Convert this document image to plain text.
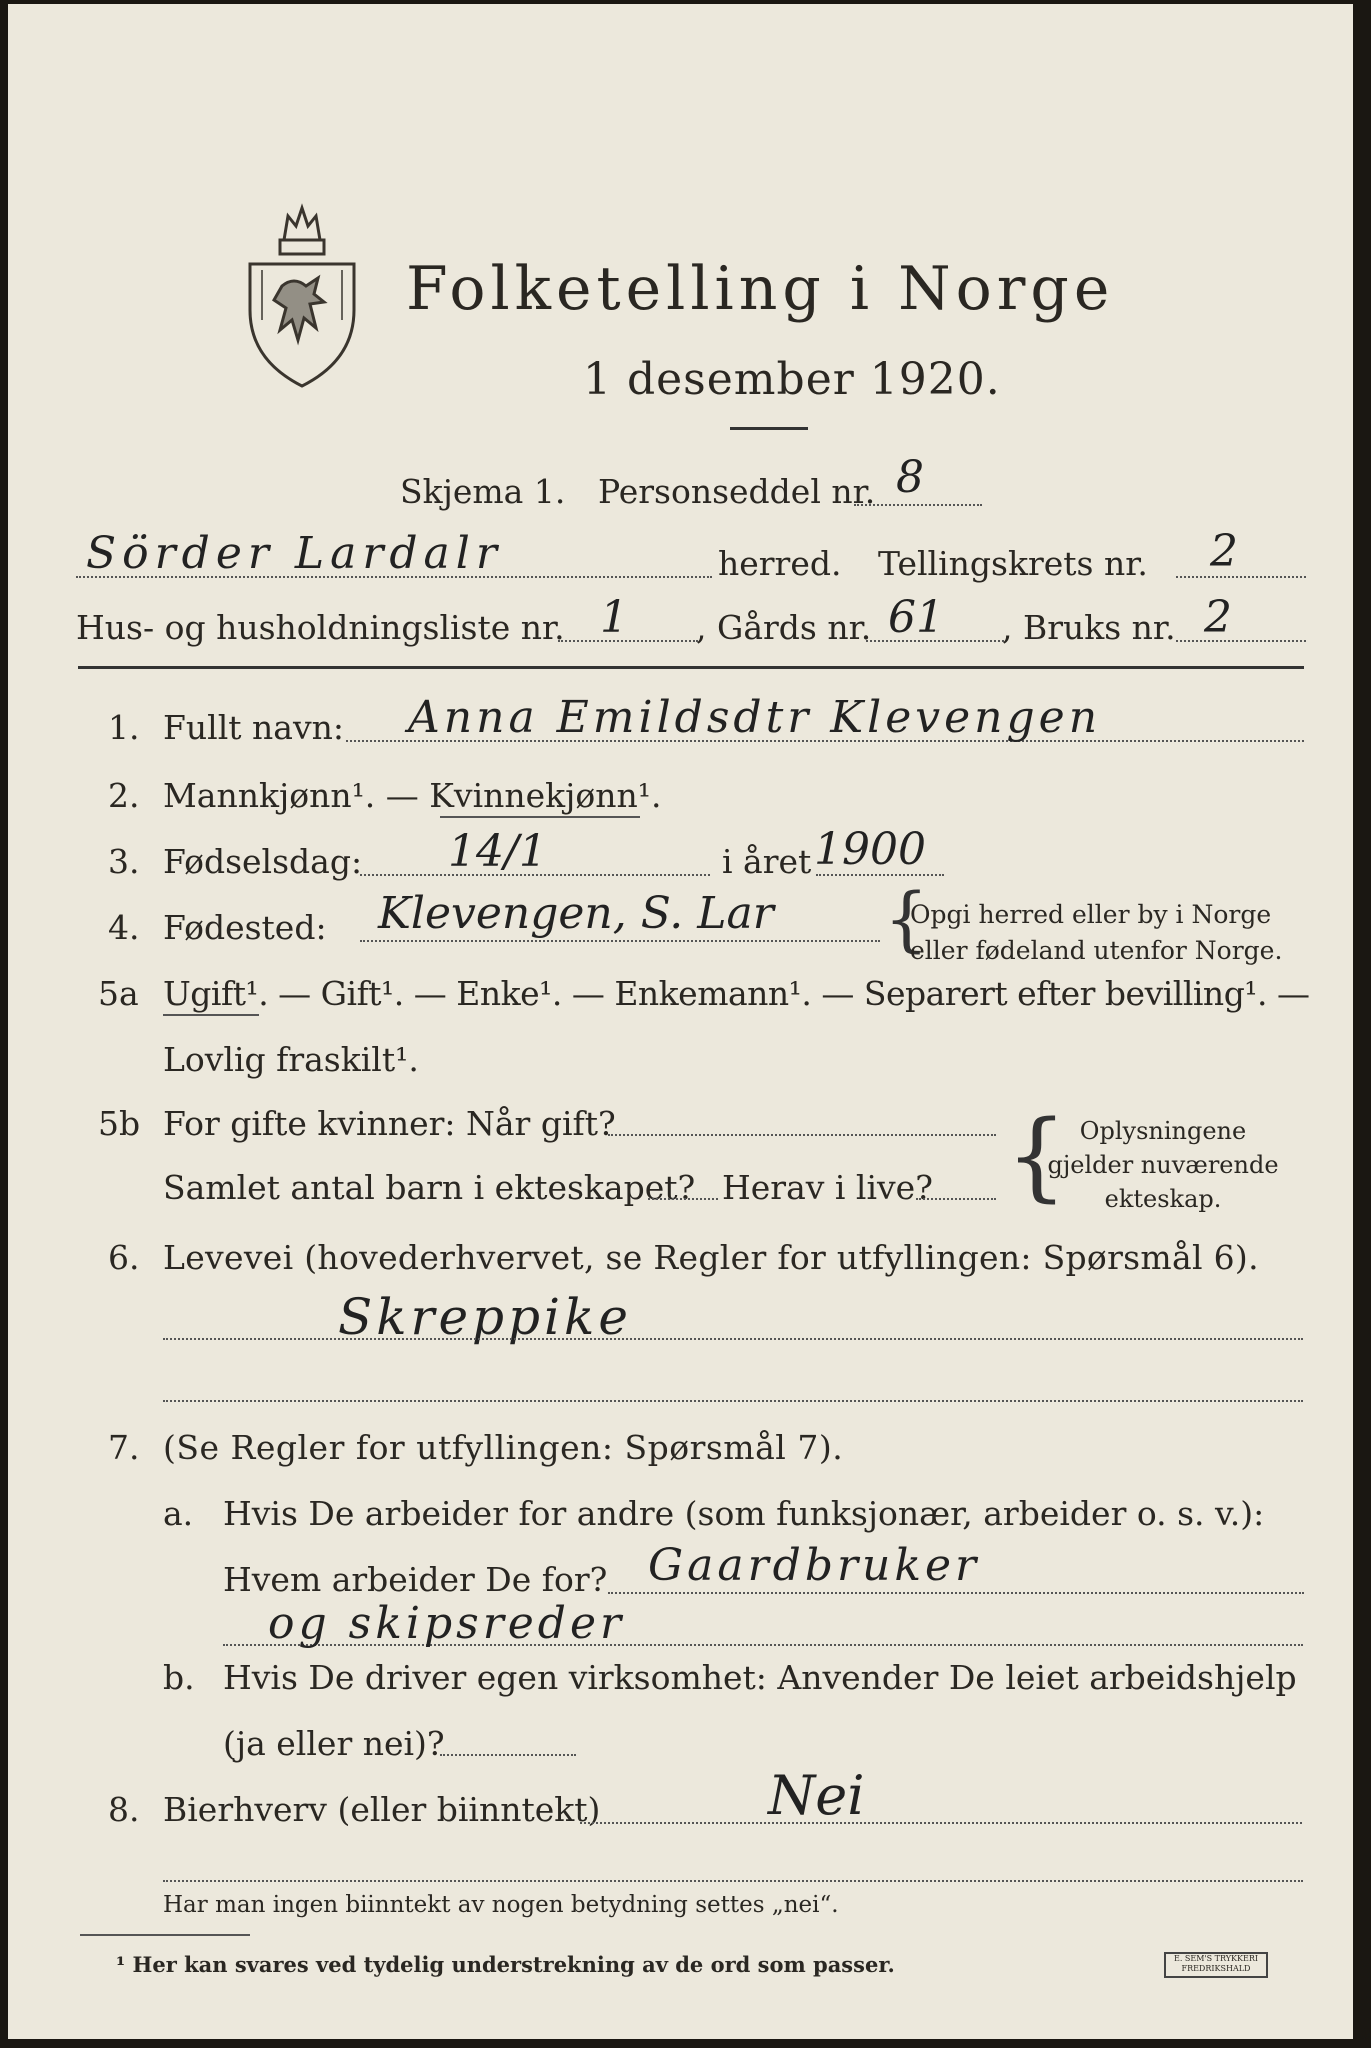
Folketelling i Norge
1 desember 1920.
Skjema 1. Personseddel nr. 8
Sörder Lardalr	herred. Tellingskrets nr. 2
Hus- og husholdningsliste nr. 1 , Gårds nr. 61 , Bruks nr. 2
1. Fullt navn: Anna Emildsdtr Klevengen
2. Mannkjønn¹. — Kvinnekjønn¹.
3. Fødselsdag: 14/1	i året 1900
4. Fødested: Klevengen, S. Lar {
Opgi herred eller by i Norge
eller fødeland utenfor Norge.
5a Ugift¹. — Gift¹. — Enke¹. — Enkemann¹. — Separert efter bevilling¹. —
Lovlig fraskilt¹.
5b For gifte kvinner: Når gift?
Samlet antal barn i ekteskapet? Herav i live? { Oplysningene
gjelder nuværende
ekteskap.
6. Levevei (hovederhvervet, se Regler for utfyllingen: Spørsmål 6).
Skreppike
7. (Se Regler for utfyllingen: Spørsmål 7).
a. Hvis De arbeider for andre (som funksjonær, arbeider o. s. v.):
Hvem arbeider De for? Gaardbruker
og skipsreder
b. Hvis De driver egen virksomhet: Anvender De leiet arbeidshjelp
(ja eller nei)?
8. Bierhverv (eller biinntekt)	Nei
Har man ingen biinntekt av nogen betydning settes „nei“.
¹ Her kan svares ved tydelig understrekning av de ord som passer.	E. SEM'S TRYKKERI FREDRIKSHALD
